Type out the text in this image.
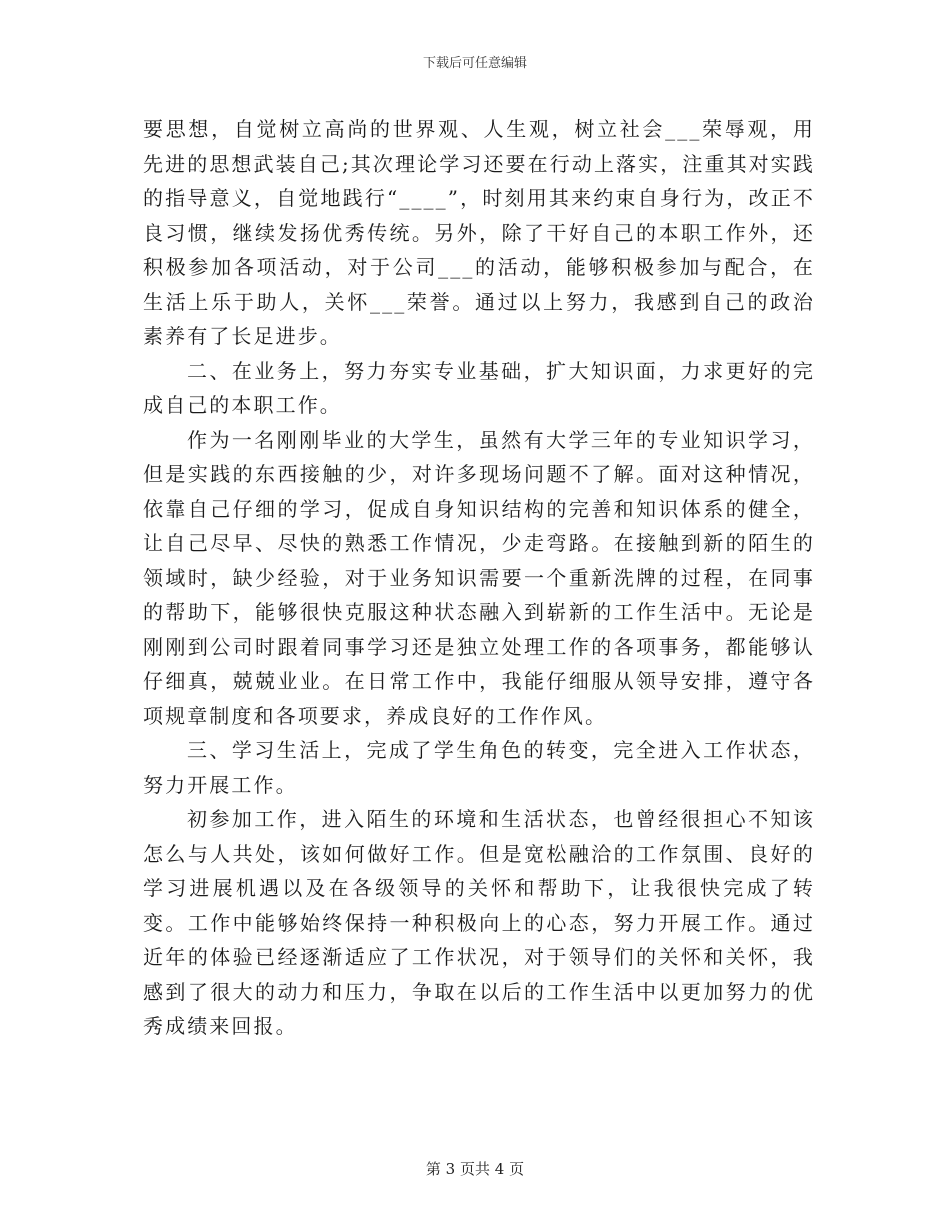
下载后可任意编辑

要思想，自觉树立高尚的世界观、人生观，树立社会___荣辱观，用先进的思想武装自己;其次理论学习还要在行动上落实，注重其对实践的指导意义，自觉地践行“____”，时刻用其来约束自身行为，改正不良习惯，继续发扬优秀传统。另外，除了干好自己的本职工作外，还积极参加各项活动，对于公司___的活动，能够积极参加与配合，在生活上乐于助人，关怀___荣誉。通过以上努力，我感到自己的政治素养有了长足进步。

二、在业务上，努力夯实专业基础，扩大知识面，力求更好的完成自己的本职工作。

作为一名刚刚毕业的大学生，虽然有大学三年的专业知识学习，但是实践的东西接触的少，对许多现场问题不了解。面对这种情况，依靠自己仔细的学习，促成自身知识结构的完善和知识体系的健全，让自己尽早、尽快的熟悉工作情况，少走弯路。在接触到新的陌生的领域时，缺少经验，对于业务知识需要一个重新洗牌的过程，在同事的帮助下，能够很快克服这种状态融入到崭新的工作生活中。无论是刚刚到公司时跟着同事学习还是独立处理工作的各项事务，都能够认仔细真，兢兢业业。在日常工作中，我能仔细服从领导安排，遵守各项规章制度和各项要求，养成良好的工作作风。

三、学习生活上，完成了学生角色的转变，完全进入工作状态，努力开展工作。

初参加工作，进入陌生的环境和生活状态，也曾经很担心不知该怎么与人共处，该如何做好工作。但是宽松融洽的工作氛围、良好的学习进展机遇以及在各级领导的关怀和帮助下，让我很快完成了转变。工作中能够始终保持一种积极向上的心态，努力开展工作。通过近年的体验已经逐渐适应了工作状况，对于领导们的关怀和关怀，我感到了很大的动力和压力，争取在以后的工作生活中以更加努力的优秀成绩来回报。

第 3 页共 4 页
